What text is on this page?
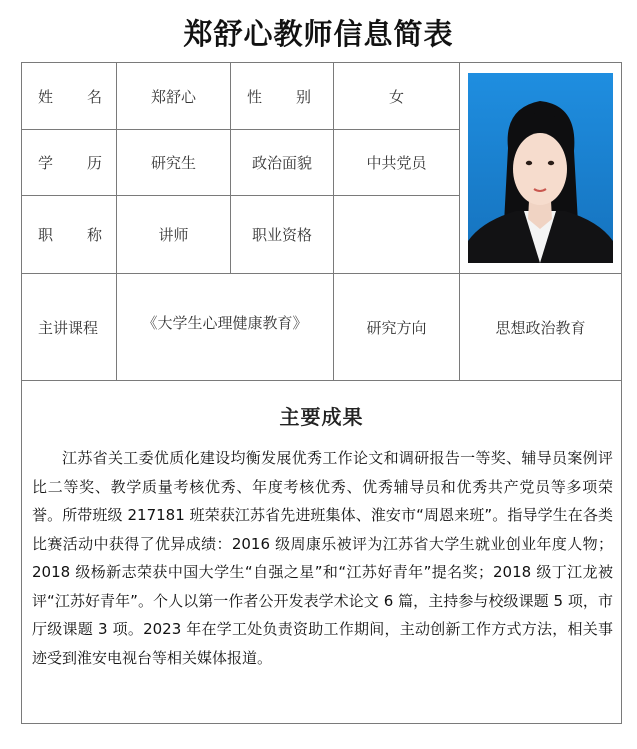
郑舒心教师信息简表
姓 名	郑舒心	性 别	女	

学 历	研究生	政治面貌	中共党员	

职 称	讲师	职业资格		
主讲课程	《大学生心理健康教育》		研究方向	思想政治教育

主要成果
江苏省关工委优质化建设均衡发展优秀工作论文和调研报告一等奖、辅导员案例评比二等奖、教学质量考核优秀、年度考核优秀、优秀辅导员和优秀共产党员等多项荣誉。所带班级 217181 班荣获江苏省先进班集体、淮安市“周恩来班”。指导学生在各类比赛活动中获得了优异成绩：2016 级周康乐被评为江苏省大学生就业创业年度人物；2018 级杨新志荣获中国大学生“自强之星”和“江苏好青年”提名奖；2018 级丁江龙被评“江苏好青年”。个人以第一作者公开发表学术论文 6 篇，主持参与校级课题 5 项，市厅级课题 3 项。2023 年在学工处负责资助工作期间，主动创新工作方式方法，相关事迹受到淮安电视台等相关媒体报道。				
